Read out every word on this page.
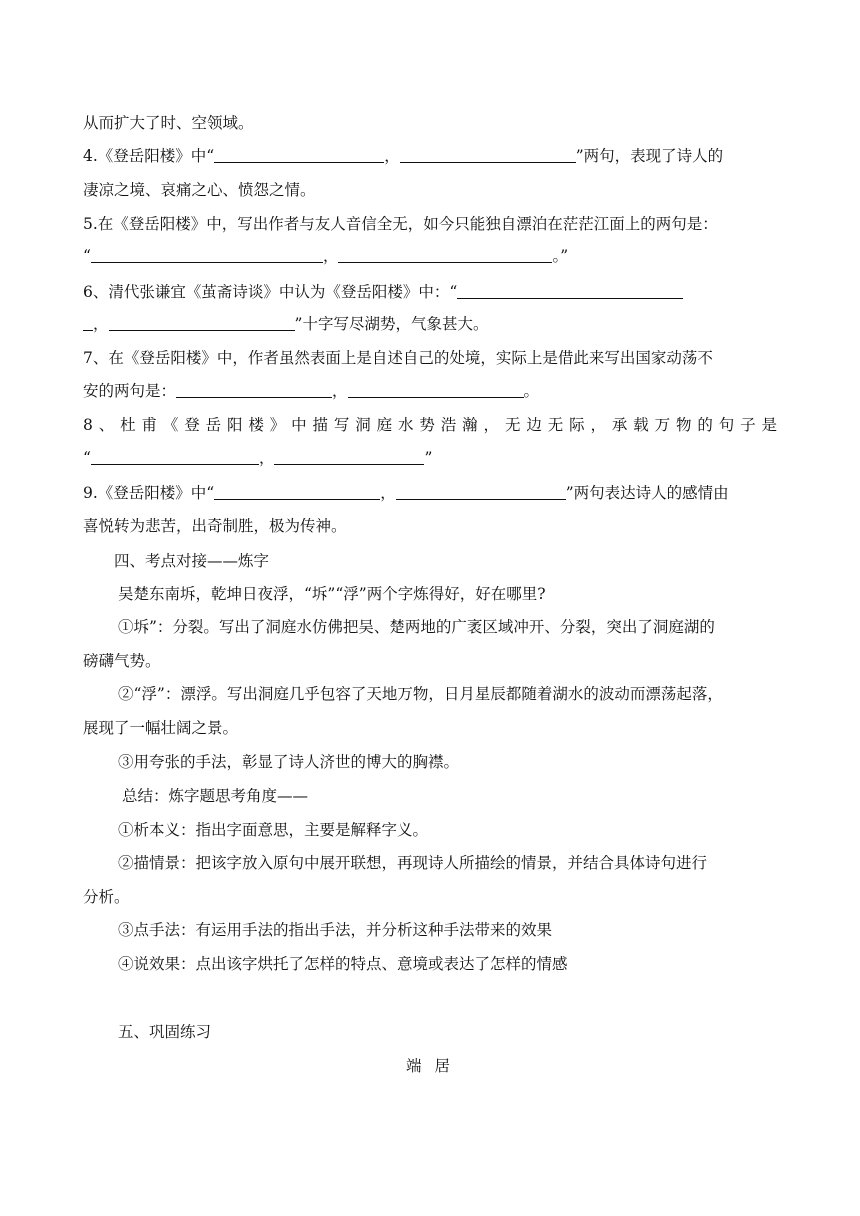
从而扩大了时、空领域。
4.《登岳阳楼》中“	，	”两句，表现了诗人的
凄凉之境、哀痛之心、愤怨之情。
5.在《登岳阳楼》中，写出作者与友人音信全无，如今只能独自漂泊在茫茫江面上的两句是：
“	，	。”
6、清代张谦宜《茧斋诗谈》中认为《登岳阳楼》中：“
，	”十字写尽湖势，气象甚大。
7、在《登岳阳楼》中，作者虽然表面上是自述自己的处境，实际上是借此来写出国家动荡不
安的两句是：	，	。
8、杜甫《登岳阳楼》中描写洞庭水势浩瀚，无边无际，承载万物的句子是
“	，	”
9.《登岳阳楼》中“	，	”两句表达诗人的感情由
喜悦转为悲苦，出奇制胜，极为传神。
四、考点对接——炼字
吴楚东南坼，乾坤日夜浮，“坼”“浮”两个字炼得好，好在哪里?
①坼”：分裂。写出了洞庭水仿佛把吴、楚两地的广袤区域冲开、分裂，突出了洞庭湖的
磅礴气势。
②“浮”：漂浮。写出洞庭几乎包容了天地万物，日月星辰都随着湖水的波动而漂荡起落，
展现了一幅壮阔之景。
③用夸张的手法，彰显了诗人济世的博大的胸襟。
总结：炼字题思考角度——
①析本义：指出字面意思，主要是解释字义。
②描情景：把该字放入原句中展开联想，再现诗人所描绘的情景，并结合具体诗句进行
分析。
③点手法：有运用手法的指出手法，并分析这种手法带来的效果
④说效果：点出该字烘托了怎样的特点、意境或表达了怎样的情感
五、巩固练习
端 居
